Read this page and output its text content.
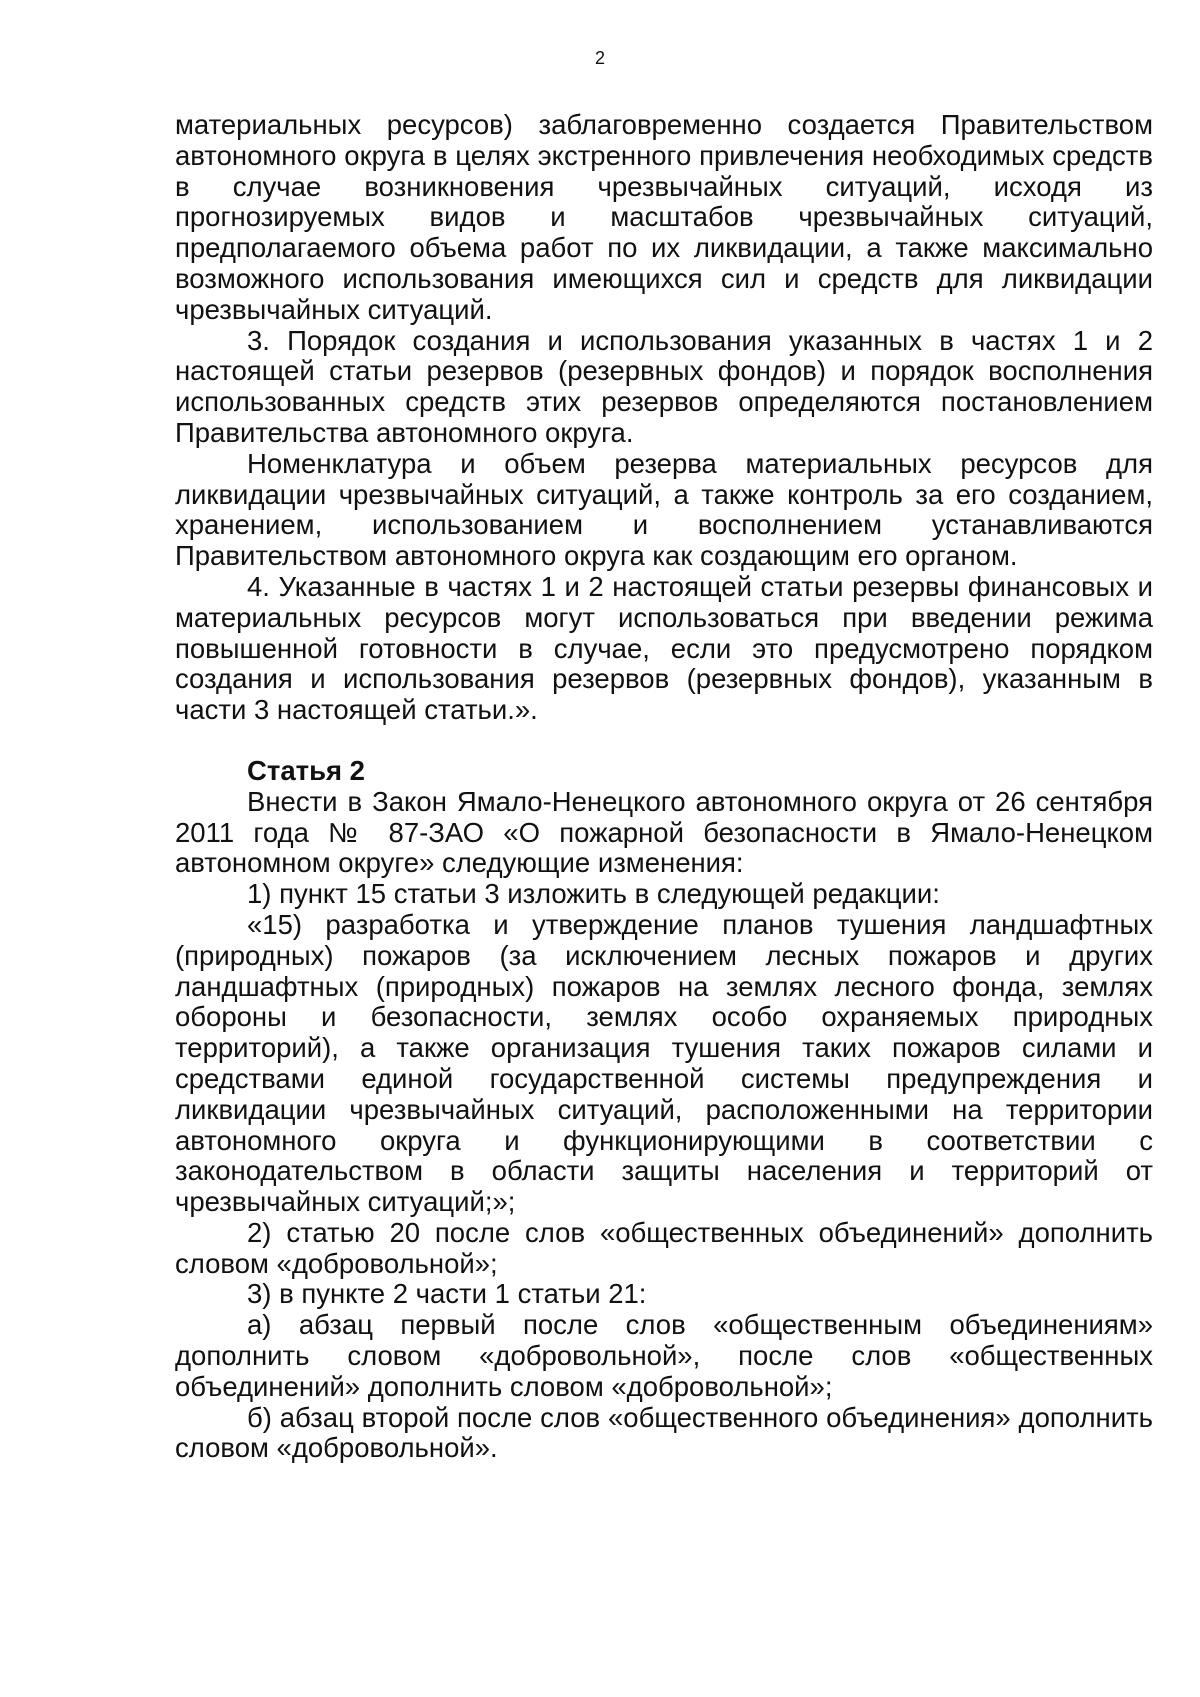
2

материальных ресурсов) заблаговременно создается Правительством автономного округа в целях экстренного привлечения необходимых средств в случае возникновения чрезвычайных ситуаций, исходя из прогнозируемых видов и масштабов чрезвычайных ситуаций, предполагаемого объема работ по их ликвидации, а также максимально возможного использования имеющихся сил и средств для ликвидации чрезвычайных ситуаций.

3. Порядок создания и использования указанных в частях 1 и 2 настоящей статьи резервов (резервных фондов) и порядок восполнения использованных средств этих резервов определяются постановлением Правительства автономного округа.

Номенклатура и объем резерва материальных ресурсов для ликвидации чрезвычайных ситуаций, а также контроль за его созданием, хранением, использованием и восполнением устанавливаются Правительством автономного округа как создающим его органом.

4. Указанные в частях 1 и 2 настоящей статьи резервы финансовых и материальных ресурсов могут использоваться при введении режима повышенной готовности в случае, если это предусмотрено порядком создания и использования резервов (резервных фондов), указанным в части 3 настоящей статьи.».

Статья 2

Внести в Закон Ямало-Ненецкого автономного округа от 26 сентября 2011 года № 87-ЗАО «О пожарной безопасности в Ямало-Ненецком автономном округе» следующие изменения:

1) пункт 15 статьи 3 изложить в следующей редакции:

«15) разработка и утверждение планов тушения ландшафтных (природных) пожаров (за исключением лесных пожаров и других ландшафтных (природных) пожаров на землях лесного фонда, землях обороны и безопасности, землях особо охраняемых природных территорий), а также организация тушения таких пожаров силами и средствами единой государственной системы предупреждения и ликвидации чрезвычайных ситуаций, расположенными на территории автономного округа и функционирующими в соответствии с законодательством в области защиты населения и территорий от чрезвычайных ситуаций;»;

2) статью 20 после слов «общественных объединений» дополнить словом «добровольной»;

3) в пункте 2 части 1 статьи 21:

а) абзац первый после слов «общественным объединениям» дополнить словом «добровольной», после слов «общественных объединений» дополнить словом «добровольной»;

б) абзац второй после слов «общественного объединения» дополнить словом «добровольной».
